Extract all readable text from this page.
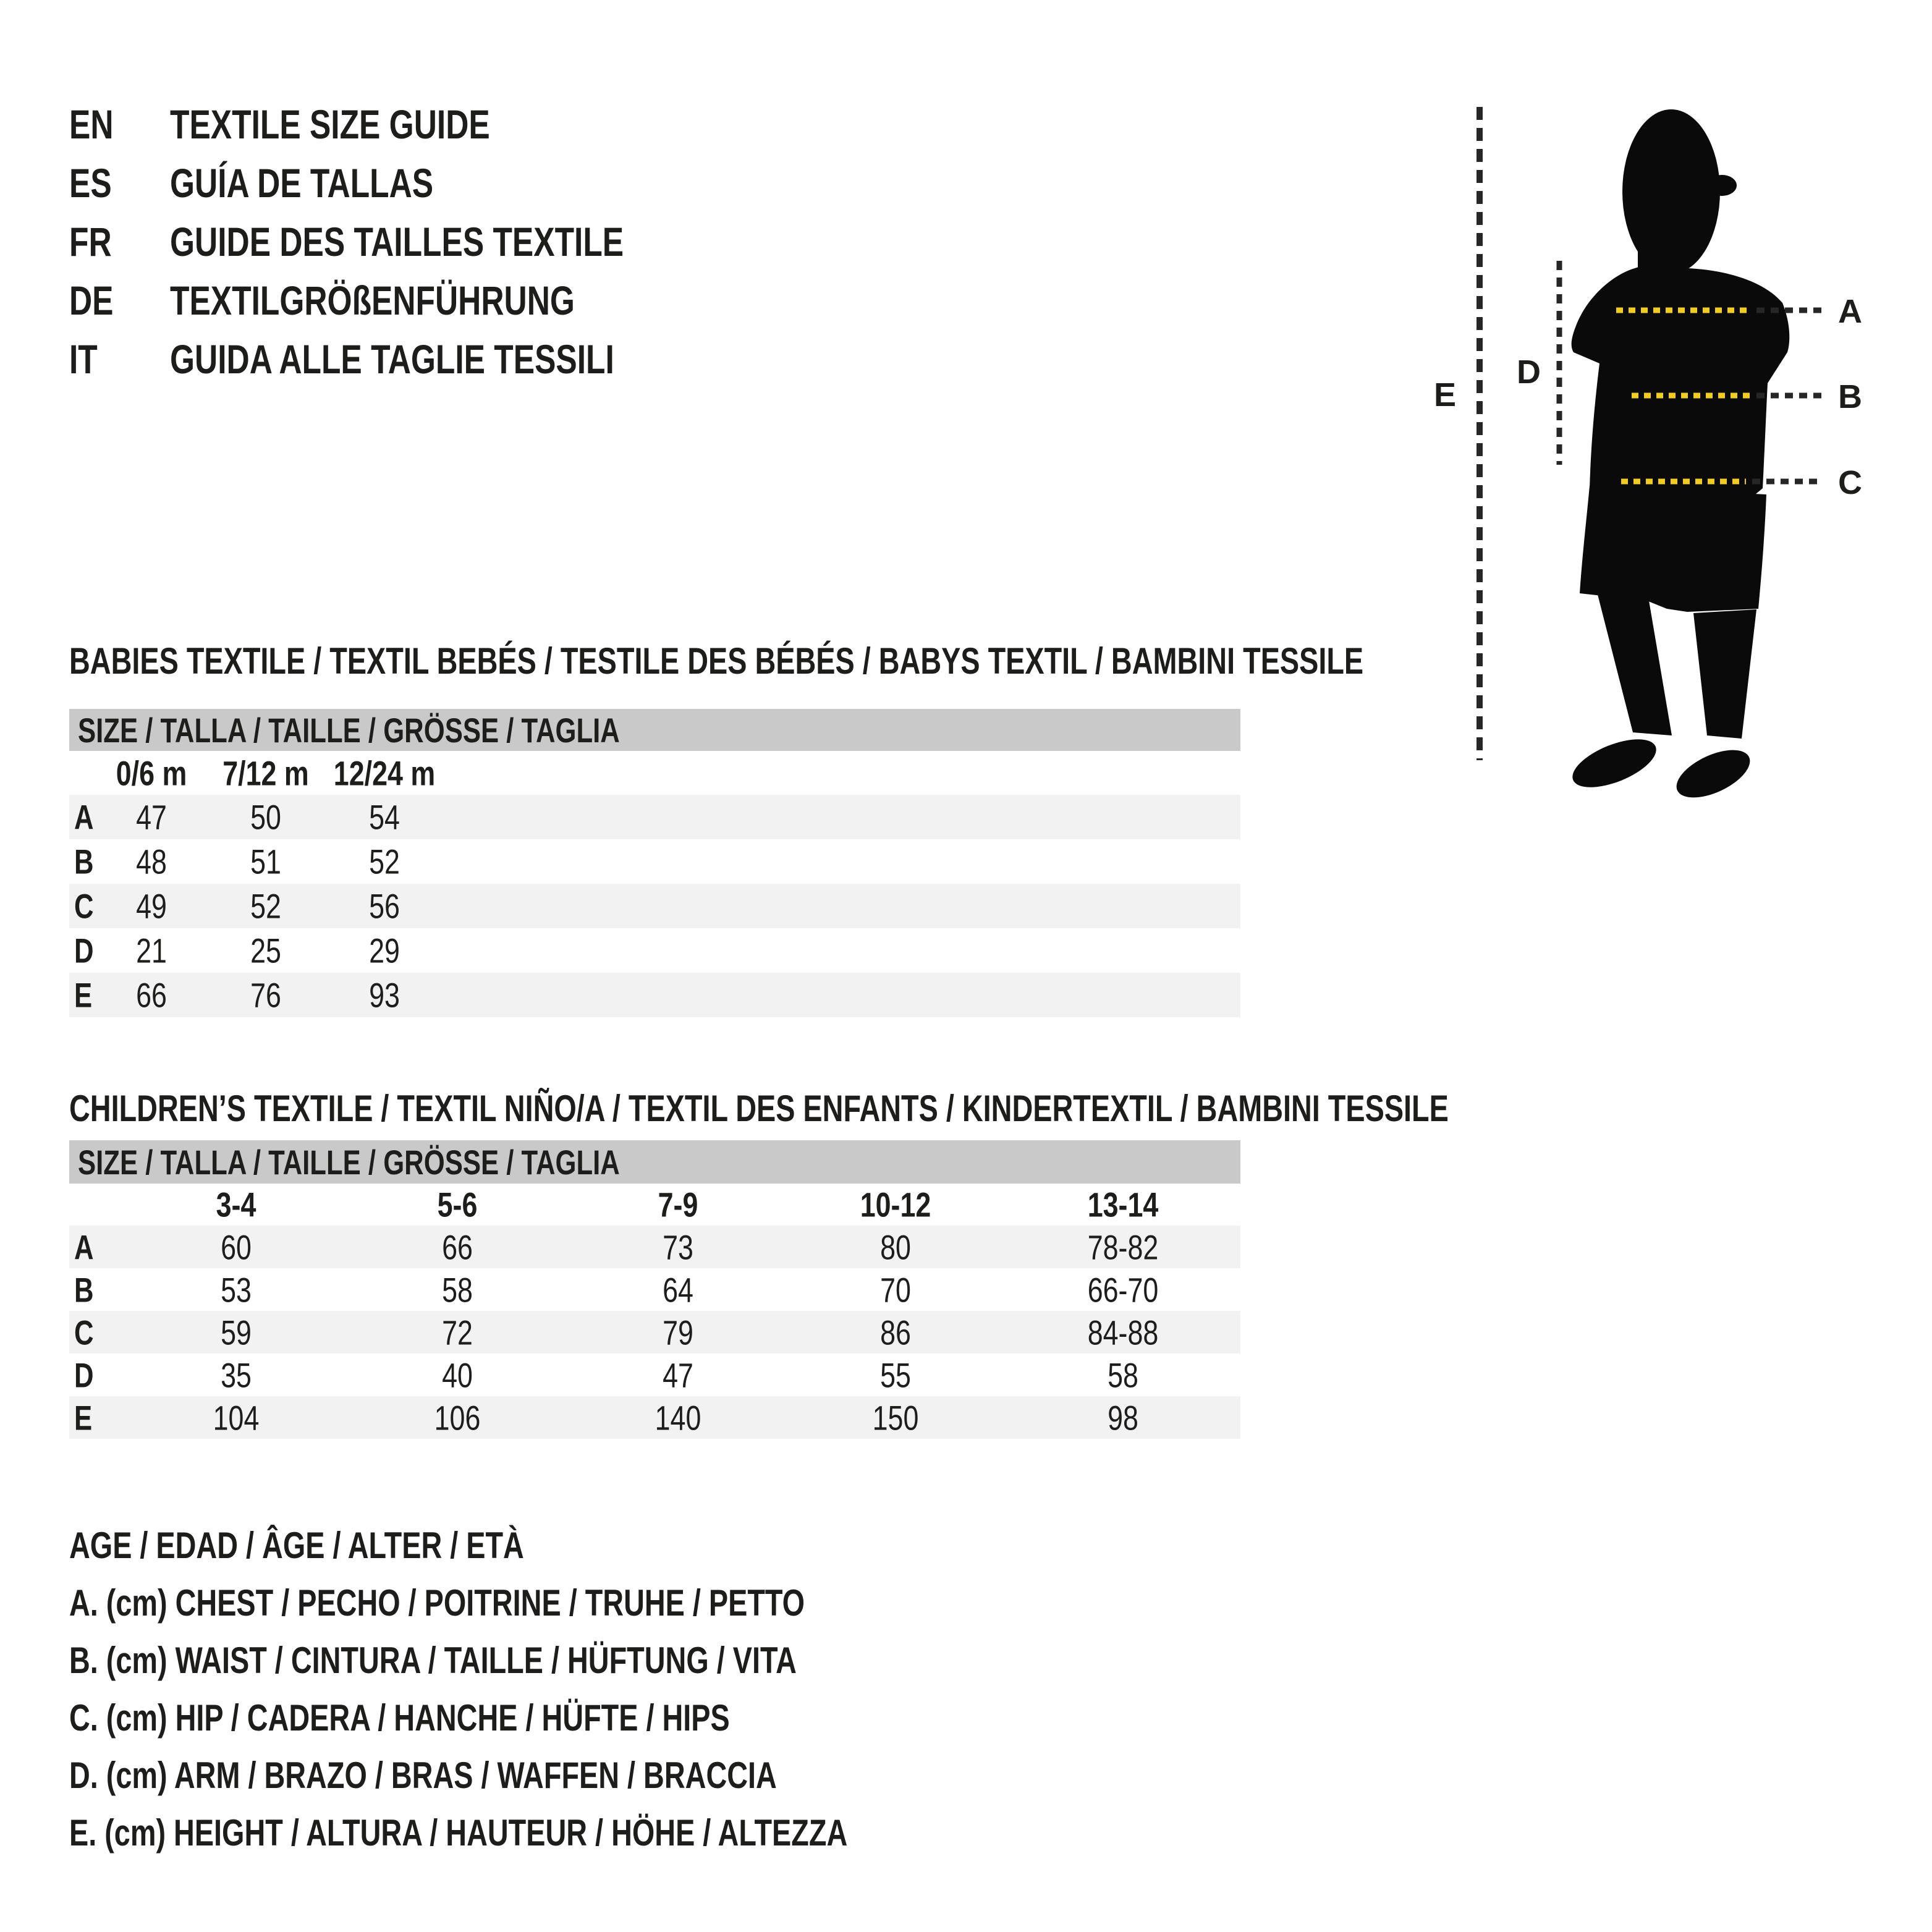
EN	TEXTILE SIZE GUIDE
ES	GUÍA DE TALLAS
FR	GUIDE DES TAILLES TEXTILE
DE	TEXTILGRÖßENFÜHRUNG
IT	GUIDA ALLE TAGLIE TESSILI
A
B
C
D
E
BABIES TEXTILE / TEXTIL BEBÉS / TESTILE DES BÉBÉS / BABYS TEXTIL / BAMBINI TESSILE
SIZE / TALLA / TAILLE / GRÖSSE / TAGLIA
0/6 m 7/12 m 12/24 m
A 47 50	54
B 48 51	52
C 49 52	56
D 21 25	29
E 66 76	93
CHILDREN’S TEXTILE / TEXTIL NIÑO/A / TEXTIL DES ENFANTS / KINDERTEXTIL / BAMBINI TESSILE
SIZE / TALLA / TAILLE / GRÖSSE / TAGLIA
3-4	5-6	7-9	10-12	13-14
A	60	66	73	80	78-82
B	53	58	64	70	66-70
C	59	72	79	86	84-88
D	35	40	47	55	58
E	104	106	140	150	98
AGE / EDAD / ÂGE / ALTER / ETÀ
A. (cm) CHEST / PECHO / POITRINE / TRUHE / PETTO
B. (cm) WAIST / CINTURA / TAILLE / HÜFTUNG / VITA
C. (cm) HIP / CADERA / HANCHE / HÜFTE / HIPS
D. (cm) ARM / BRAZO / BRAS / WAFFEN / BRACCIA
E. (cm) HEIGHT / ALTURA / HAUTEUR / HÖHE / ALTEZZA
